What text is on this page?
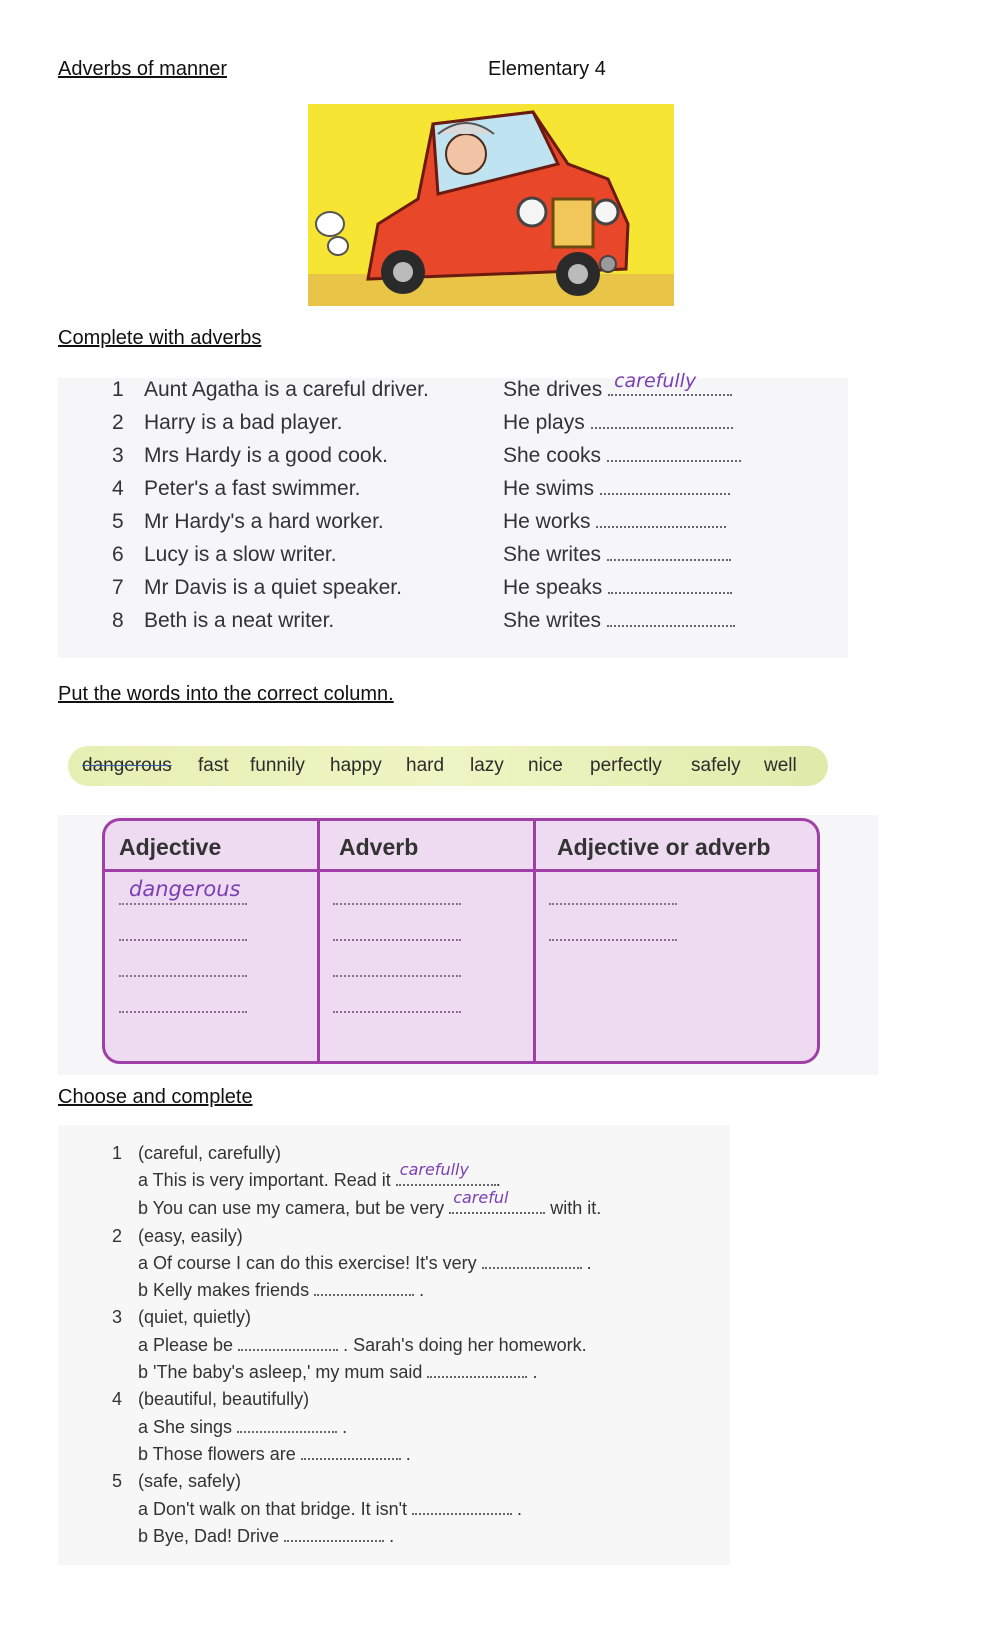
Adverbs of manner	Elementary 4
Complete with adverbs
1 Aunt Agatha is a careful driver.	She drives carefully
2 Harry is a bad player.	He plays
3 Mrs Hardy is a good cook.	She cooks
4 Peter's a fast swimmer.	He swims
5 Mr Hardy's a hard worker.	He works
6 Lucy is a slow writer.	She writes
7 Mr Davis is a quiet speaker.	He speaks
8 Beth is a neat writer.	She writes
Put the words into the correct column.
dangerous fast funnily happy hard lazy nice perfectly safely well
Adjective	Adverb	Adjective or adverb
dangerous
Choose and complete
1 (careful, carefully)
a This is very important. Read it
carefully
.
b You can use my camera, but be very
careful
with it.
2 (easy, easily)
a Of course I can do this exercise! It's very	.
b Kelly makes friends	.
3 (quiet, quietly)
a Please be	. Sarah's doing her homework.
b 'The baby's asleep,' my mum said	.
4 (beautiful, beautifully)
a She sings	.
b Those flowers are	.
5 (safe, safely)
a Don't walk on that bridge. It isn't	.
b Bye, Dad! Drive	.
